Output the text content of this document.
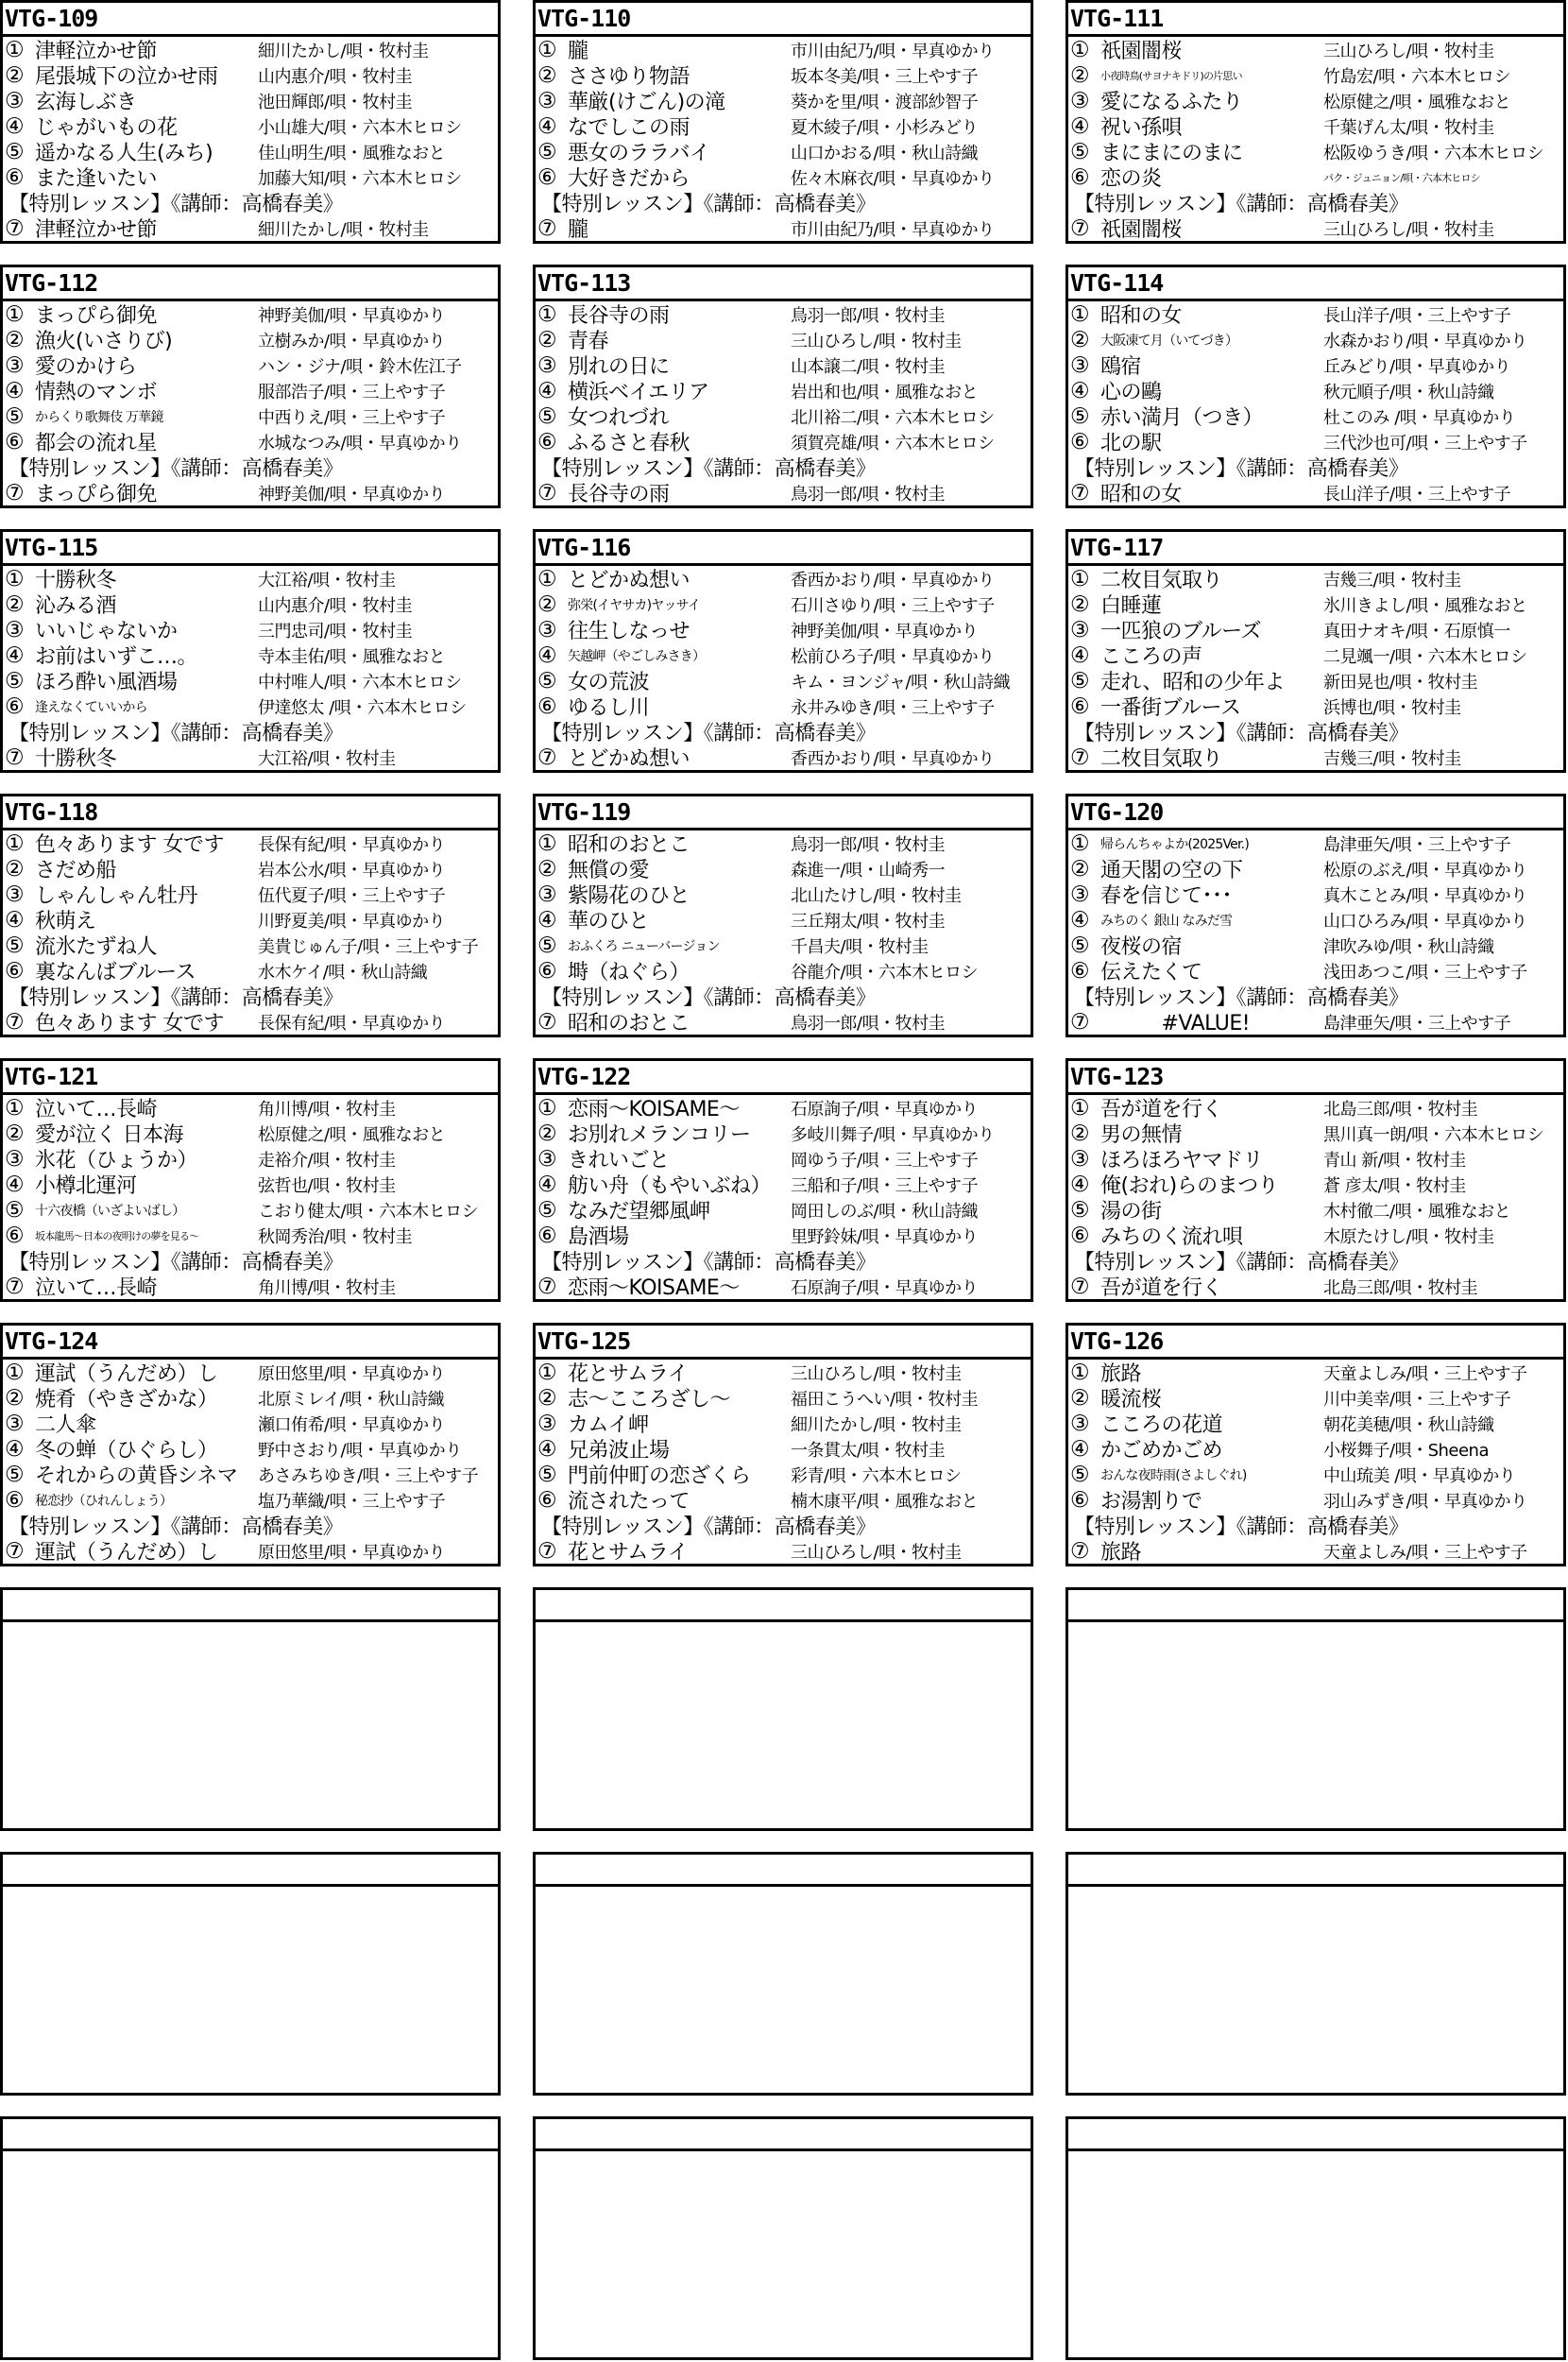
VTG-109
① 津軽泣かせ節	細川たかし/唄・牧村圭
② 尾張城下の泣かせ雨	山内惠介/唄・牧村圭
③ 玄海しぶき	池田輝郎/唄・牧村圭
④ じゃがいもの花	小山雄大/唄・六本木ヒロシ
⑤ 遥かなる人生(みち)	佳山明生/唄・風雅なおと
⑥ また逢いたい	加藤大知/唄・六本木ヒロシ
【特別レッスン】《講師：高橋春美》
⑦ 津軽泣かせ節	細川たかし/唄・牧村圭
VTG-110
① 朧	市川由紀乃/唄・早真ゆかり
② ささゆり物語	坂本冬美/唄・三上やす子
③ 華厳(けごん)の滝	葵かを里/唄・渡部紗智子
④ なでしこの雨	夏木綾子/唄・小杉みどり
⑤ 悪女のララバイ	山口かおる/唄・秋山詩織
⑥ 大好きだから	佐々木麻衣/唄・早真ゆかり
【特別レッスン】《講師：高橋春美》
⑦ 朧	市川由紀乃/唄・早真ゆかり
VTG-111
① 祇園闇桜	三山ひろし/唄・牧村圭
②	小夜時鳥(サヨナキドリ)の片思い	竹島宏/唄・六本木ヒロシ
③ 愛になるふたり	松原健之/唄・風雅なおと
④ 祝い孫唄	千葉げん太/唄・牧村圭
⑤ まにまにのまに	松阪ゆうき/唄・六本木ヒロシ
⑥ 恋の炎	パク・ジュニョン/唄・六本木ヒロシ
【特別レッスン】《講師：高橋春美》
⑦ 祇園闇桜	三山ひろし/唄・牧村圭
VTG-112
① まっぴら御免	神野美伽/唄・早真ゆかり
② 漁火(いさりび)	立樹みか/唄・早真ゆかり
③ 愛のかけら	ハン・ジナ/唄・鈴木佐江子
④ 情熱のマンボ	服部浩子/唄・三上やす子
⑤ からくり歌舞伎 万華鏡	中西りえ/唄・三上やす子
⑥ 都会の流れ星	水城なつみ/唄・早真ゆかり
【特別レッスン】《講師：高橋春美》
⑦ まっぴら御免	神野美伽/唄・早真ゆかり
VTG-113
① 長谷寺の雨	鳥羽一郎/唄・牧村圭
② 青春	三山ひろし/唄・牧村圭
③ 別れの日に	山本譲二/唄・牧村圭
④ 横浜ベイエリア	岩出和也/唄・風雅なおと
⑤ 女つれづれ	北川裕二/唄・六本木ヒロシ
⑥ ふるさと春秋	須賀亮雄/唄・六本木ヒロシ
【特別レッスン】《講師：高橋春美》
⑦ 長谷寺の雨	鳥羽一郎/唄・牧村圭
VTG-114
① 昭和の女	長山洋子/唄・三上やす子
② 大阪凍て月（いてづき）	水森かおり/唄・早真ゆかり
③ 鴎宿	丘みどり/唄・早真ゆかり
④ 心の鷗	秋元順子/唄・秋山詩織
⑤ 赤い満月（つき）	杜このみ /唄・早真ゆかり
⑥ 北の駅	三代沙也可/唄・三上やす子
【特別レッスン】《講師：高橋春美》
⑦ 昭和の女	長山洋子/唄・三上やす子
VTG-115
① 十勝秋冬	大江裕/唄・牧村圭
② 沁みる酒	山内惠介/唄・牧村圭
③ いいじゃないか	三門忠司/唄・牧村圭
④ お前はいずこ…。	寺本圭佑/唄・風雅なおと
⑤ ほろ酔い風酒場	中村唯人/唄・六本木ヒロシ
⑥ 逢えなくていいから	伊達悠太 /唄・六本木ヒロシ
【特別レッスン】《講師：高橋春美》
⑦ 十勝秋冬	大江裕/唄・牧村圭
VTG-116
① とどかぬ想い	香西かおり/唄・早真ゆかり
② 弥栄(イヤサカ)ヤッサイ	石川さゆり/唄・三上やす子
③ 往生しなっせ	神野美伽/唄・早真ゆかり
④ 矢越岬（やごしみさき）	松前ひろ子/唄・早真ゆかり
⑤ 女の荒波	キム・ヨンジャ/唄・秋山詩織
⑥ ゆるし川	永井みゆき/唄・三上やす子
【特別レッスン】《講師：高橋春美》
⑦ とどかぬ想い	香西かおり/唄・早真ゆかり
VTG-117
① 二枚目気取り	吉幾三/唄・牧村圭
② 白睡蓮	氷川きよし/唄・風雅なおと
③ 一匹狼のブルーズ	真田ナオキ/唄・石原慎一
④ こころの声	二見颯一/唄・六本木ヒロシ
⑤ 走れ、昭和の少年よ	新田晃也/唄・牧村圭
⑥ 一番街ブルース	浜博也/唄・牧村圭
【特別レッスン】《講師：高橋春美》
⑦ 二枚目気取り	吉幾三/唄・牧村圭
VTG-118
① 色々あります 女です	長保有紀/唄・早真ゆかり
② さだめ船	岩本公水/唄・早真ゆかり
③ しゃんしゃん牡丹	伍代夏子/唄・三上やす子
④ 秋萌え	川野夏美/唄・早真ゆかり
⑤ 流氷たずね人	美貴じゅん子/唄・三上やす子
⑥ 裏なんばブルース	水木ケイ/唄・秋山詩織
【特別レッスン】《講師：高橋春美》
⑦ 色々あります 女です	長保有紀/唄・早真ゆかり
VTG-119
① 昭和のおとこ	鳥羽一郎/唄・牧村圭
② 無償の愛	森進一/唄・山崎秀一
③ 紫陽花のひと	北山たけし/唄・牧村圭
④ 華のひと	三丘翔太/唄・牧村圭
⑤ おふくろ ニューバージョン	千昌夫/唄・牧村圭
⑥ 塒（ねぐら）	谷龍介/唄・六本木ヒロシ
【特別レッスン】《講師：高橋春美》
⑦ 昭和のおとこ	鳥羽一郎/唄・牧村圭
VTG-120
① 帰らんちゃよか(2025Ver.)	島津亜矢/唄・三上やす子
② 通天閣の空の下	松原のぶえ/唄・早真ゆかり
③ 春を信じて･･･	真木ことみ/唄・早真ゆかり
④ みちのく 銀山 なみだ雪	山口ひろみ/唄・早真ゆかり
⑤ 夜桜の宿	津吹みゆ/唄・秋山詩織
⑥ 伝えたくて	浅田あつこ/唄・三上やす子
【特別レッスン】《講師：高橋春美》
⑦ 　　　#VALUE!	島津亜矢/唄・三上やす子
VTG-121
① 泣いて…長崎	角川博/唄・牧村圭
② 愛が泣く 日本海	松原健之/唄・風雅なおと
③ 氷花（ひょうか）	走裕介/唄・牧村圭
④ 小樽北運河	弦哲也/唄・牧村圭
⑤ 十六夜橋（いざよいばし）	こおり健太/唄・六本木ヒロシ
⑥	坂本龍馬～日本の夜明けの夢を見る～	秋岡秀治/唄・牧村圭
【特別レッスン】《講師：高橋春美》
⑦ 泣いて…長崎	角川博/唄・牧村圭
VTG-122
① 恋雨～KOISAME～	石原詢子/唄・早真ゆかり
② お別れメランコリー	多岐川舞子/唄・早真ゆかり
③ きれいごと	岡ゆう子/唄・三上やす子
④ 舫い舟（もやいぶね）	三船和子/唄・三上やす子
⑤ なみだ望郷風岬	岡田しのぶ/唄・秋山詩織
⑥ 島酒場	里野鈴妹/唄・早真ゆかり
【特別レッスン】《講師：高橋春美》
⑦ 恋雨～KOISAME～	石原詢子/唄・早真ゆかり
VTG-123
① 吾が道を行く	北島三郎/唄・牧村圭
② 男の無情	黒川真一朗/唄・六本木ヒロシ
③ ほろほろヤマドリ	青山 新/唄・牧村圭
④ 俺(おれ)らのまつり	蒼 彦太/唄・牧村圭
⑤ 湯の街	木村徹二/唄・風雅なおと
⑥ みちのく流れ唄	木原たけし/唄・牧村圭
【特別レッスン】《講師：高橋春美》
⑦ 吾が道を行く	北島三郎/唄・牧村圭
VTG-124
① 運試（うんだめ）し	原田悠里/唄・早真ゆかり
② 焼肴（やきざかな）	北原ミレイ/唄・秋山詩織
③ 二人傘	瀬口侑希/唄・早真ゆかり
④ 冬の蝉（ひぐらし）	野中さおり/唄・早真ゆかり
⑤ それからの黄昏シネマ	あさみちゆき/唄・三上やす子
⑥ 秘恋抄（ひれんしょう）	塩乃華織/唄・三上やす子
【特別レッスン】《講師：高橋春美》
⑦ 運試（うんだめ）し	原田悠里/唄・早真ゆかり
VTG-125
① 花とサムライ	三山ひろし/唄・牧村圭
② 志～こころざし～	福田こうへい/唄・牧村圭
③ カムイ岬	細川たかし/唄・牧村圭
④ 兄弟波止場	一条貫太/唄・牧村圭
⑤ 門前仲町の恋ざくら	彩青/唄・六本木ヒロシ
⑥ 流されたって	楠木康平/唄・風雅なおと
【特別レッスン】《講師：高橋春美》
⑦ 花とサムライ	三山ひろし/唄・牧村圭
VTG-126
① 旅路	天童よしみ/唄・三上やす子
② 暖流桜	川中美幸/唄・三上やす子
③ こころの花道	朝花美穂/唄・秋山詩織
④ かごめかごめ	小桜舞子/唄・Sheena
⑤ おんな夜時雨(さよしぐれ)	中山琉美 /唄・早真ゆかり
⑥ お湯割りで	羽山みずき/唄・早真ゆかり
【特別レッスン】《講師：高橋春美》
⑦ 旅路	天童よしみ/唄・三上やす子
